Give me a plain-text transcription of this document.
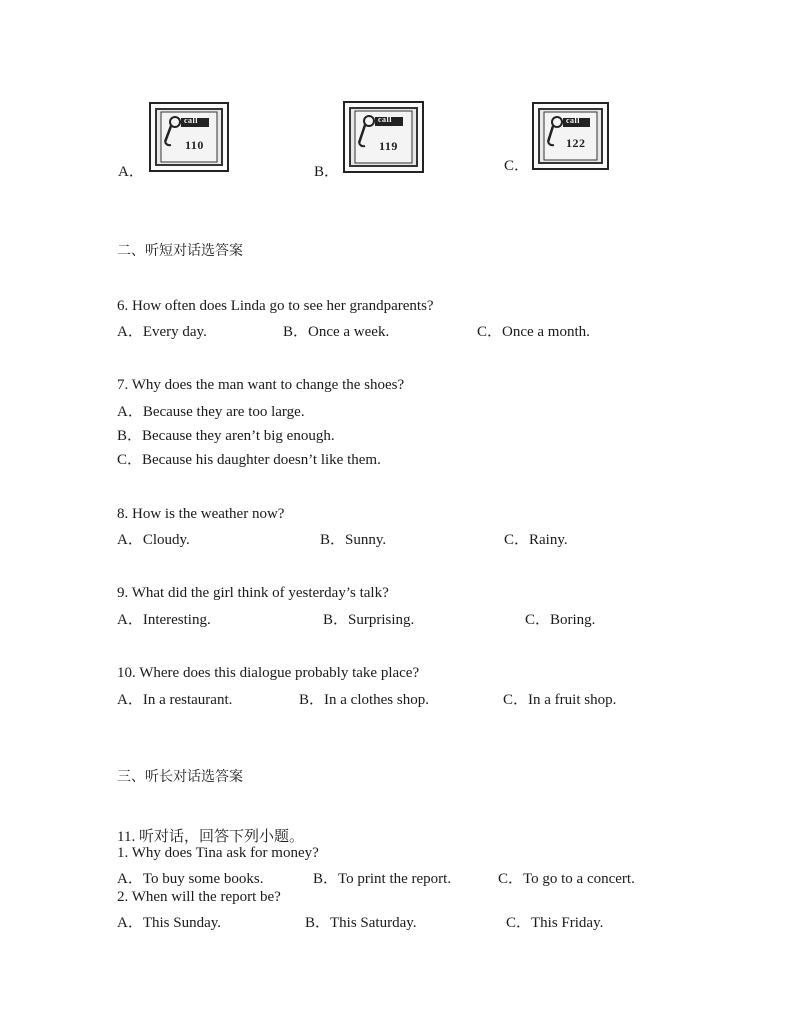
A．
call
110
B．
call
119
C．
call
122
二、听短对话选答案
6. How often does Linda go to see her grandparents?
A．Every day.	B．Once a week.	C．Once a month.
7. Why does the man want to change the shoes?
A．Because they are too large.
B．Because they aren’t big enough.
C．Because his daughter doesn’t like them.
8. How is the weather now?
A．Cloudy.	B．Sunny.	C．Rainy.
9. What did the girl think of yesterday’s talk?
A．Interesting.	B．Surprising.	C．Boring.
10. Where does this dialogue probably take place?
A．In a restaurant.	B．In a clothes shop.	C．In a fruit shop.
三、听长对话选答案
11. 听对话，回答下列小题。
1. Why does Tina ask for money?
A．To buy some books.	B．To print the report.	C．To go to a concert.
2. When will the report be?
A．This Sunday.	B．This Saturday.	C．This Friday.
